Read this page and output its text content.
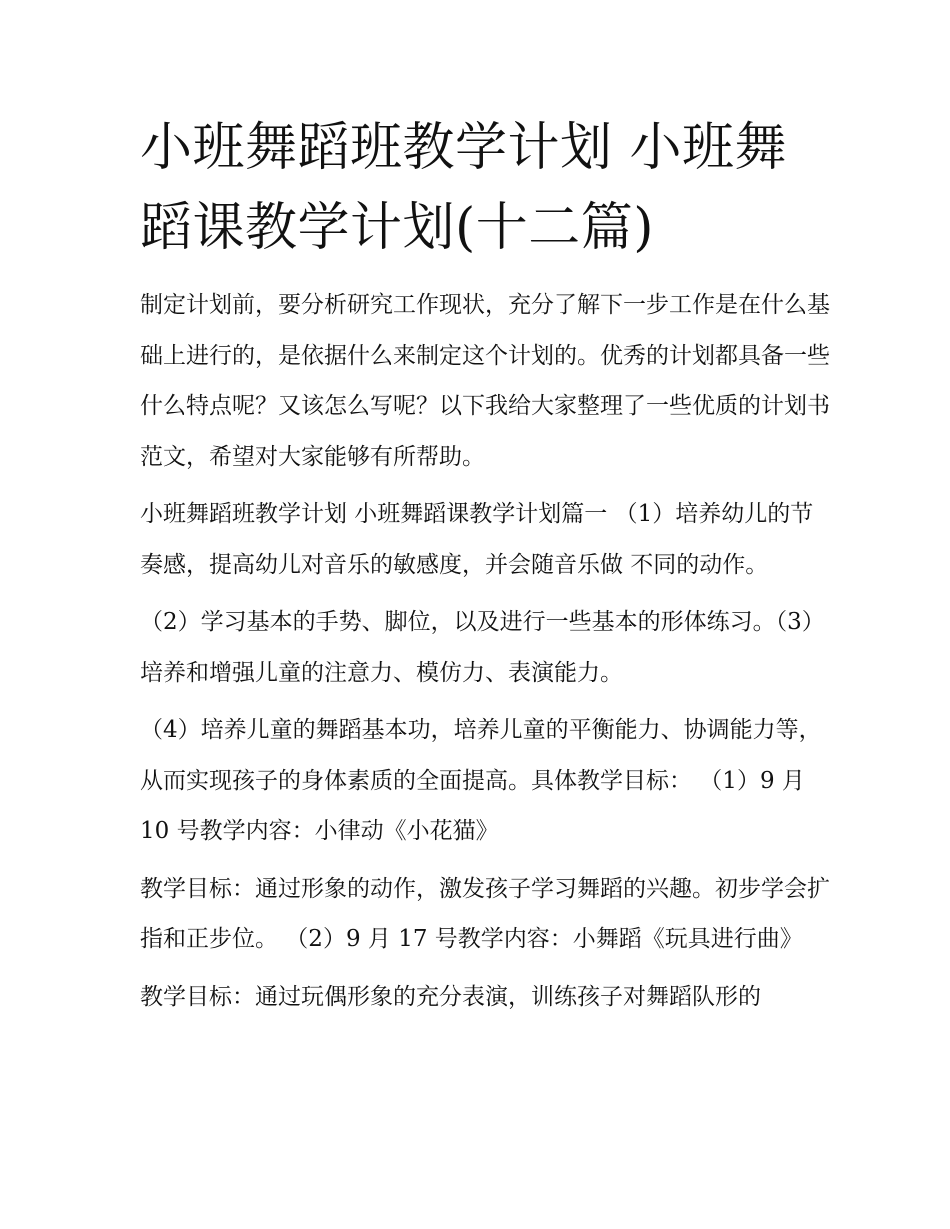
小班舞蹈班教学计划 小班舞蹈课教学计划(十二篇)

制定计划前，要分析研究工作现状，充分了解下一步工作是在什么基础上进行的，是依据什么来制定这个计划的。优秀的计划都具备一些什么特点呢？又该怎么写呢？以下我给大家整理了一些优质的计划书范文，希望对大家能够有所帮助。

小班舞蹈班教学计划 小班舞蹈课教学计划篇一 （1）培养幼儿的节奏感，提高幼儿对音乐的敏感度，并会随音乐做 不同的动作。

（2）学习基本的手势、脚位，以及进行一些基本的形体练习。（3）培养和增强儿童的注意力、模仿力、表演能力。

（4）培养儿童的舞蹈基本功，培养儿童的平衡能力、协调能力等， 从而实现孩子的身体素质的全面提高。具体教学目标： （1）9 月 10 号教学内容：小律动《小花猫》

教学目标：通过形象的动作，激发孩子学习舞蹈的兴趣。初步学会扩指和正步位。 （2）9 月 17 号教学内容：小舞蹈《玩具进行曲》

教学目标：通过玩偶形象的充分表演，训练孩子对舞蹈队形的
